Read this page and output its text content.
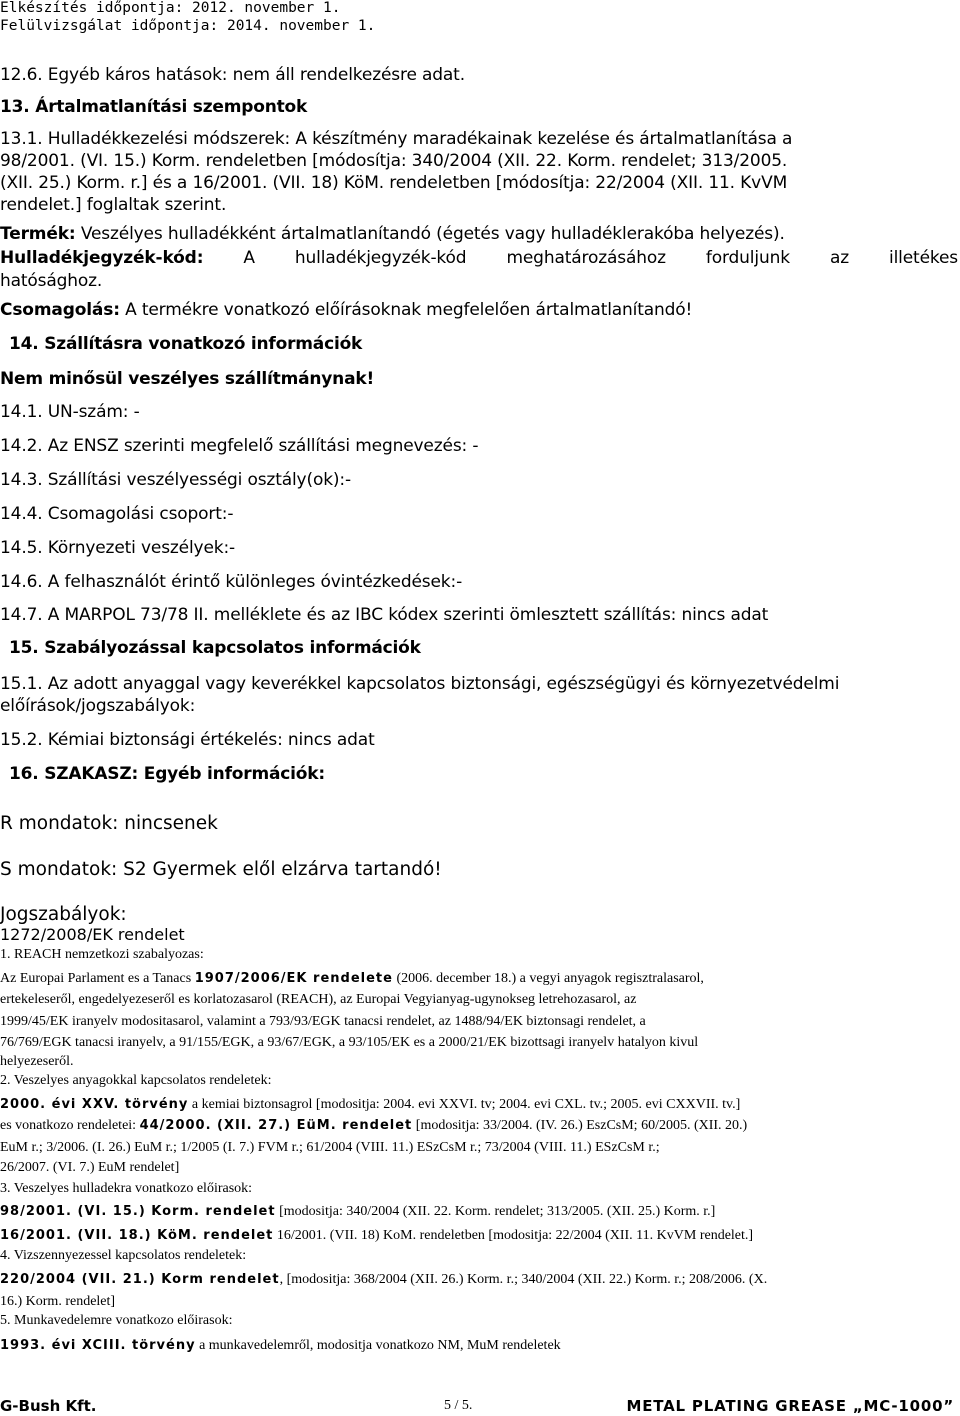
Elkészítés időpontja: 2012. november 1.
Felülvizsgálat időpontja: 2014. november 1.
12.6. Egyéb káros hatások: nem áll rendelkezésre adat.
13. Ártalmatlanítási szempontok
13.1. Hulladékkezelési módszerek: A készítmény maradékainak kezelése és ártalmatlanítása a
98/2001. (VI. 15.) Korm. rendeletben [módosítja: 340/2004 (XII. 22. Korm. rendelet; 313/2005.
(XII. 25.) Korm. r.] és a 16/2001. (VII. 18) KöM. rendeletben [módosítja: 22/2004 (XII. 11. KvVM
rendelet.] foglaltak szerint.
Termék: Veszélyes hulladékként ártalmatlanítandó (égetés vagy hulladéklerakóba helyezés).
Hulladékjegyzék-kód: A hulladékjegyzék-kód meghatározásához forduljunk az illetékes
hatósághoz.
Csomagolás: A termékre vonatkozó előírásoknak megfelelően ártalmatlanítandó!
14. Szállításra vonatkozó információk
Nem minősül veszélyes szállítmánynak!
14.1. UN-szám: -
14.2. Az ENSZ szerinti megfelelő szállítási megnevezés: -
14.3. Szállítási veszélyességi osztály(ok):-
14.4. Csomagolási csoport:-
14.5. Környezeti veszélyek:-
14.6. A felhasználót érintő különleges óvintézkedések:-
14.7. A MARPOL 73/78 II. melléklete és az IBC kódex szerinti ömlesztett szállítás: nincs adat
15. Szabályozással kapcsolatos információk
15.1. Az adott anyaggal vagy keverékkel kapcsolatos biztonsági, egészségügyi és környezetvédelmi
előírások/jogszabályok:
15.2. Kémiai biztonsági értékelés: nincs adat
16. SZAKASZ: Egyéb információk:
R mondatok: nincsenek
S mondatok: S2 Gyermek elől elzárva tartandó!
Jogszabályok:
1272/2008/EK rendelet
1. REACH nemzetkozi szabalyozas:
Az Europai Parlament es a Tanacs 1907/2006/EK rendelete (2006. december 18.) a vegyi anyagok regisztralasarol,
ertekeleseről, engedelyezeseről es korlatozasarol (REACH), az Europai Vegyianyag-ugynokseg letrehozasarol, az
1999/45/EK iranyelv modositasarol, valamint a 793/93/EGK tanacsi rendelet, az 1488/94/EK biztonsagi rendelet, a
76/769/EGK tanacsi iranyelv, a 91/155/EGK, a 93/67/EGK, a 93/105/EK es a 2000/21/EK bizottsagi iranyelv hatalyon kivul
helyezeseről.
2. Veszelyes anyagokkal kapcsolatos rendeletek:
2000. évi XXV. törvény a kemiai biztonsagrol [modositja: 2004. evi XXVI. tv; 2004. evi CXL. tv.; 2005. evi CXXVII. tv.]
es vonatkozo rendeletei: 44/2000. (XII. 27.) EüM. rendelet [modositja: 33/2004. (IV. 26.) EszCsM; 60/2005. (XII. 20.)
EuM r.; 3/2006. (I. 26.) EuM r.; 1/2005 (I. 7.) FVM r.; 61/2004 (VIII. 11.) ESzCsM r.; 73/2004 (VIII. 11.) ESzCsM r.;
26/2007. (VI. 7.) EuM rendelet]
3. Veszelyes hulladekra vonatkozo előirasok:
98/2001. (VI. 15.) Korm. rendelet [modositja: 340/2004 (XII. 22. Korm. rendelet; 313/2005. (XII. 25.) Korm. r.]
16/2001. (VII. 18.) KöM. rendelet 16/2001. (VII. 18) KoM. rendeletben [modositja: 22/2004 (XII. 11. KvVM rendelet.]
4. Vizszennyezessel kapcsolatos rendeletek:
220/2004 (VII. 21.) Korm rendelet, [modositja: 368/2004 (XII. 26.) Korm. r.; 340/2004 (XII. 22.) Korm. r.; 208/2006. (X.
16.) Korm. rendelet]
5. Munkavedelemre vonatkozo előirasok:
1993. évi XCIII. törvény a munkavedelemről, modositja vonatkozo NM, MuM rendeletek
G-Bush Kft.	5 / 5.	METAL PLATING GREASE „MC-1000”
